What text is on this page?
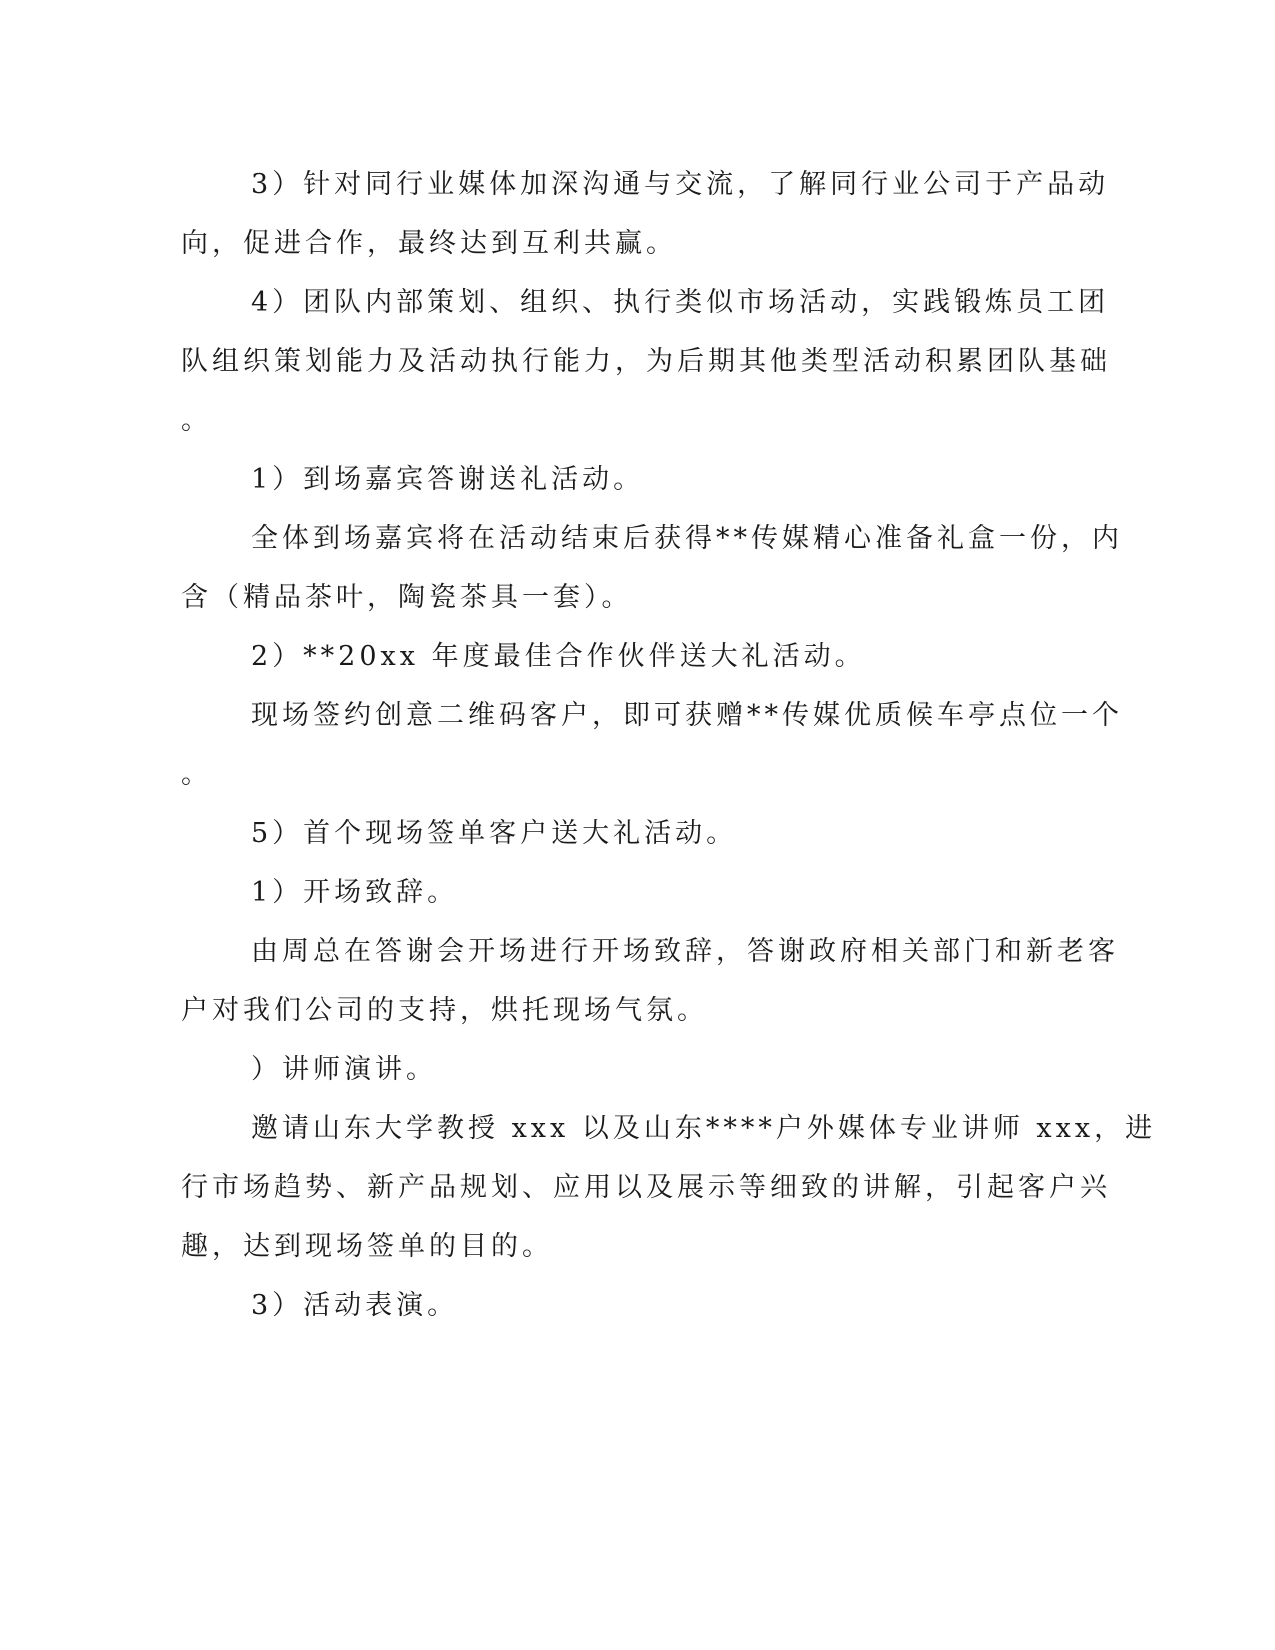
3）针对同行业媒体加深沟通与交流，了解同行业公司于产品动
向，促进合作，最终达到互利共赢。
4）团队内部策划、组织、执行类似市场活动，实践锻炼员工团
队组织策划能力及活动执行能力，为后期其他类型活动积累团队基础
。
1）到场嘉宾答谢送礼活动。
全体到场嘉宾将在活动结束后获得**传媒精心准备礼盒一份，内
含（精品茶叶，陶瓷茶具一套）。
2）**20xx 年度最佳合作伙伴送大礼活动。
现场签约创意二维码客户，即可获赠**传媒优质候车亭点位一个
。
5）首个现场签单客户送大礼活动。
1）开场致辞。
由周总在答谢会开场进行开场致辞，答谢政府相关部门和新老客
户对我们公司的支持，烘托现场气氛。
）讲师演讲。
邀请山东大学教授 xxx 以及山东****户外媒体专业讲师 xxx，进
行市场趋势、新产品规划、应用以及展示等细致的讲解，引起客户兴
趣，达到现场签单的目的。
3）活动表演。
